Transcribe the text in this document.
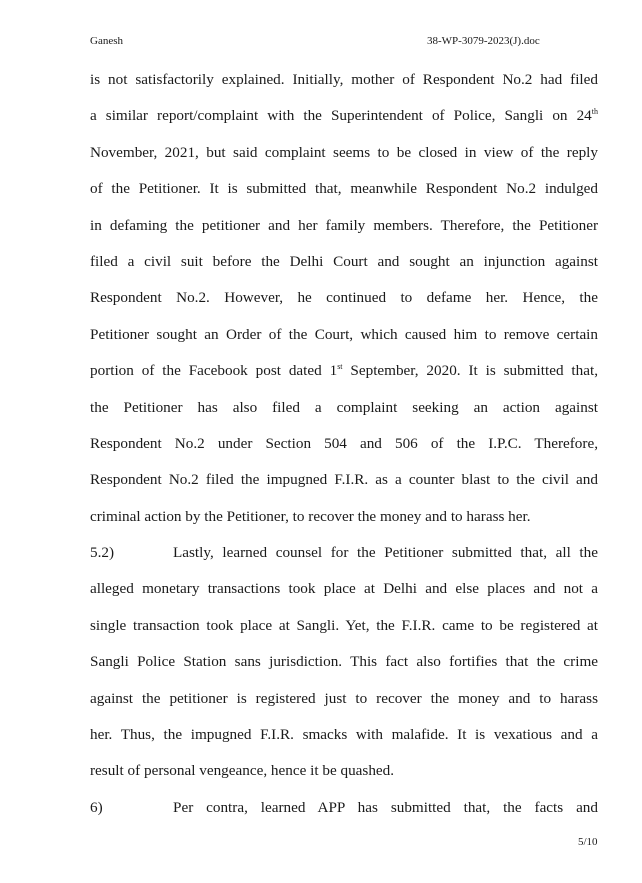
Ganesh	38-WP-3079-2023(J).doc
is not satisfactorily explained. Initially, mother of Respondent No.2 had filed
a similar report/complaint with the Superintendent of Police, Sangli on 24th
November, 2021, but said complaint seems to be closed in view of the reply
of the Petitioner. It is submitted that, meanwhile Respondent No.2 indulged
in defaming the petitioner and her family members. Therefore, the Petitioner
filed a civil suit before the Delhi Court and sought an injunction against
Respondent No.2. However, he continued to defame her. Hence, the
Petitioner sought an Order of the Court, which caused him to remove certain
portion of the Facebook post dated 1st September, 2020. It is submitted that,
the Petitioner has also filed a complaint seeking an action against
Respondent No.2 under Section 504 and 506 of the I.P.C. Therefore,
Respondent No.2 filed the impugned F.I.R. as a counter blast to the civil and
criminal action by the Petitioner, to recover the money and to harass her.
5.2)	Lastly, learned counsel for the Petitioner submitted that, all the
alleged monetary transactions took place at Delhi and else places and not a
single transaction took place at Sangli. Yet, the F.I.R. came to be registered at
Sangli Police Station sans jurisdiction. This fact also fortifies that the crime
against the petitioner is registered just to recover the money and to harass
her. Thus, the impugned F.I.R. smacks with malafide. It is vexatious and a
result of personal vengeance, hence it be quashed.
6)	Per contra, learned APP has submitted that, the facts and
5/10
